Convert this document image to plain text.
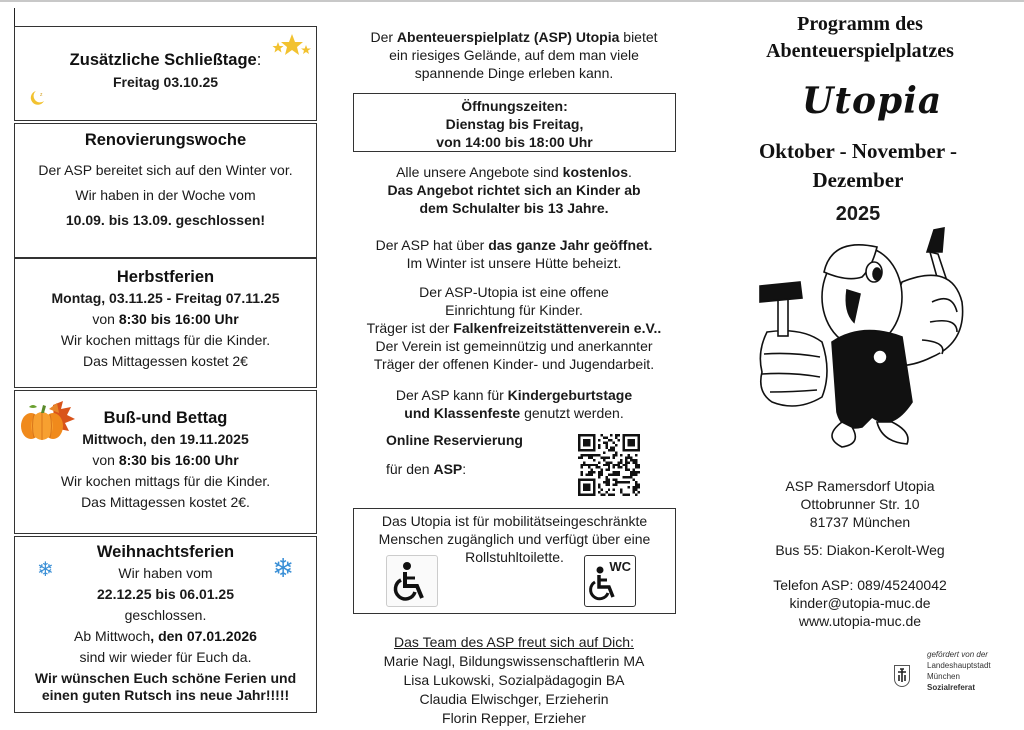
z
Zusätzliche Schließtage:

Freitag 03.10.25

Renovierungswoche

Der ASP bereitet sich auf den Winter vor.

Wir haben in der Woche vom

10.09. bis 13.09. geschlossen!

Herbstferien

Montag, 03.11.25 - Freitag 07.11.25

von 8:30 bis 16:00 Uhr

Wir kochen mittags für die Kinder.

Das Mittagessen kostet 2€

Buß-und Bettag

Mittwoch, den 19.11.2025

von 8:30 bis 16:00 Uhr

Wir kochen mittags für die Kinder.

Das Mittagessen kostet 2€.

❄	❄
Weihnachtsferien

Wir haben vom

22.12.25 bis 06.01.25

geschlossen.

Ab Mittwoch, den 07.01.2026

sind wir wieder für Euch da.

Wir wünschen Euch schöne Ferien und

einen guten Rutsch ins neue Jahr!!!!!

Der Abenteuerspielplatz (ASP) Utopia bietet
ein riesiges Gelände, auf dem man viele
spannende Dinge erleben kann.
Öffnungszeiten:
Dienstag bis Freitag,
von 14:00 bis 18:00 Uhr
Alle unsere Angebote sind kostenlos.
Das Angebot richtet sich an Kinder ab
dem Schulalter bis 13 Jahre.
Der ASP hat über das ganze Jahr geöffnet.
Im Winter ist unsere Hütte beheizt.
Der ASP-Utopia ist eine offene
Einrichtung für Kinder.
Träger ist der Falkenfreizeitstättenverein e.V..
Der Verein ist gemeinnützig und anerkannter
Träger der offenen Kinder- und Jugendarbeit.
Der ASP kann für Kindergeburtstage
und Klassenfeste genutzt werden.
Online Reservierung
für den ASP:
Das Utopia ist für mobilitätseingeschränkte
Menschen zugänglich und verfügt über eine
Rollstuhltoilette.
WC
Das Team des ASP freut sich auf Dich:
Marie Nagl, Bildungswissenschaftlerin MA
Lisa Lukowski, Sozialpädagogin BA
Claudia Elwischger, Erzieherin
Florin Repper, Erzieher
Programm des
Abenteuerspielplatzes
Utopia
Oktober - November -
Dezember
2025
ASP Ramersdorf Utopia
Ottobrunner Str. 10
81737 München
Bus 55: Diakon-Kerolt-Weg
Telefon ASP: 089/45240042
kinder@utopia-muc.de
www.utopia-muc.de
gefördert von der
Landeshauptstadt
München
Sozialreferat
